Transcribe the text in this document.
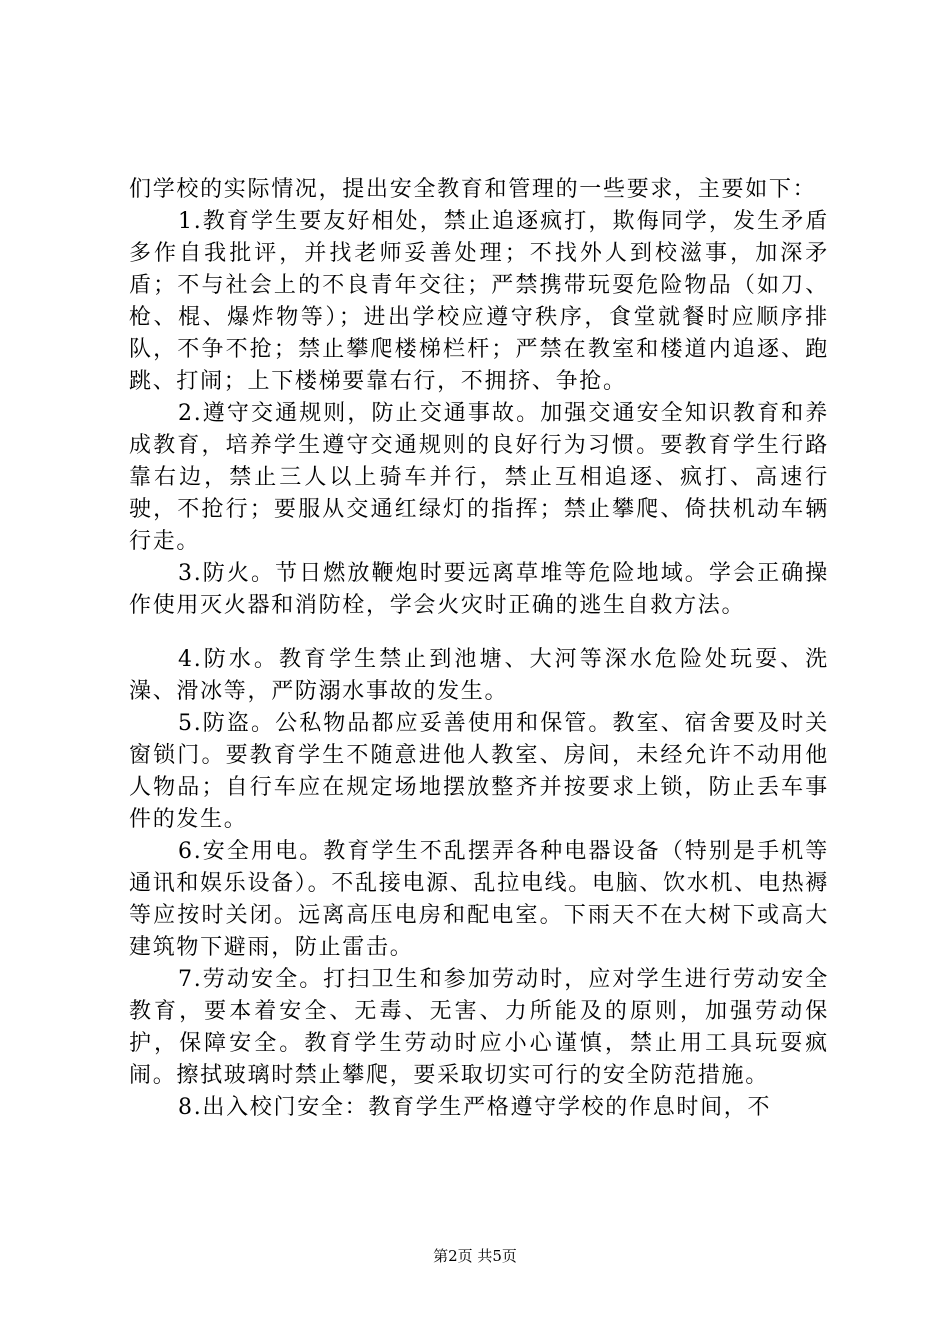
们学校的实际情况，提出安全教育和管理的一些要求，主要如下：

1.教育学生要友好相处，禁止追逐疯打，欺侮同学，发生矛盾多作自我批评，并找老师妥善处理；不找外人到校滋事，加深矛盾；不与社会上的不良青年交往；严禁携带玩耍危险物品（如刀、枪、棍、爆炸物等）；进出学校应遵守秩序，食堂就餐时应顺序排队，不争不抢；禁止攀爬楼梯栏杆；严禁在教室和楼道内追逐、跑跳、打闹；上下楼梯要靠右行，不拥挤、争抢。

2.遵守交通规则，防止交通事故。加强交通安全知识教育和养成教育，培养学生遵守交通规则的良好行为习惯。要教育学生行路靠右边，禁止三人以上骑车并行，禁止互相追逐、疯打、高速行驶，不抢行；要服从交通红绿灯的指挥；禁止攀爬、倚扶机动车辆行走。

3.防火。节日燃放鞭炮时要远离草堆等危险地域。学会正确操作使用灭火器和消防栓，学会火灾时正确的逃生自救方法。

4.防水。教育学生禁止到池塘、大河等深水危险处玩耍、洗澡、滑冰等，严防溺水事故的发生。

5.防盗。公私物品都应妥善使用和保管。教室、宿舍要及时关窗锁门。要教育学生不随意进他人教室、房间，未经允许不动用他人物品；自行车应在规定场地摆放整齐并按要求上锁，防止丢车事件的发生。

6.安全用电。教育学生不乱摆弄各种电器设备（特别是手机等通讯和娱乐设备）。不乱接电源、乱拉电线。电脑、饮水机、电热褥等应按时关闭。远离高压电房和配电室。下雨天不在大树下或高大建筑物下避雨，防止雷击。

7.劳动安全。打扫卫生和参加劳动时，应对学生进行劳动安全教育，要本着安全、无毒、无害、力所能及的原则，加强劳动保护，保障安全。教育学生劳动时应小心谨慎，禁止用工具玩耍疯闹。擦拭玻璃时禁止攀爬，要采取切实可行的安全防范措施。

8.出入校门安全：教育学生严格遵守学校的作息时间，不

第2页 共5页
